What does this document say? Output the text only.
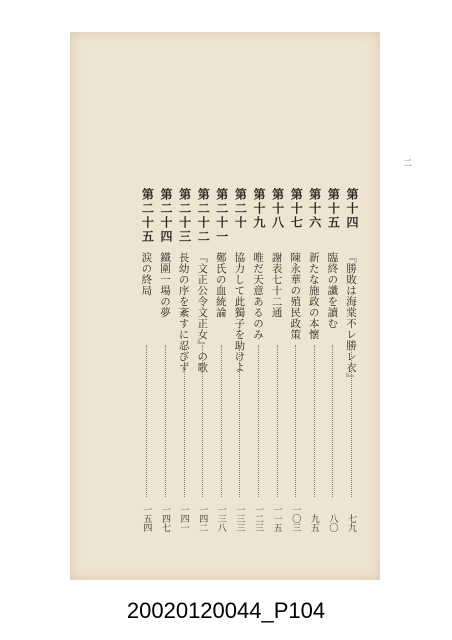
二
第十四
『勝敗は海棠不レ勝レ衣』
七九
第十五
臨終の讖を讀む
八〇
第十六
新たな施政の本懷
九五
第十七
陳永華の殖民政策
一〇三
第十八
謝表七十二通
一一五
第十九
唯だ天意あるのみ
一二三
第二十
協力して此獨子を助けよ
一三三
第二十一
鄭氏の血統論
一三八
第二十二
『文正公令文正女』の歌
一四二
第二十三
長幼の序を紊すに忍びず
一四一
第二十四
鐵圍一場の夢
一四七
第二十五
涙の終局
一五四
20020120044_P104
